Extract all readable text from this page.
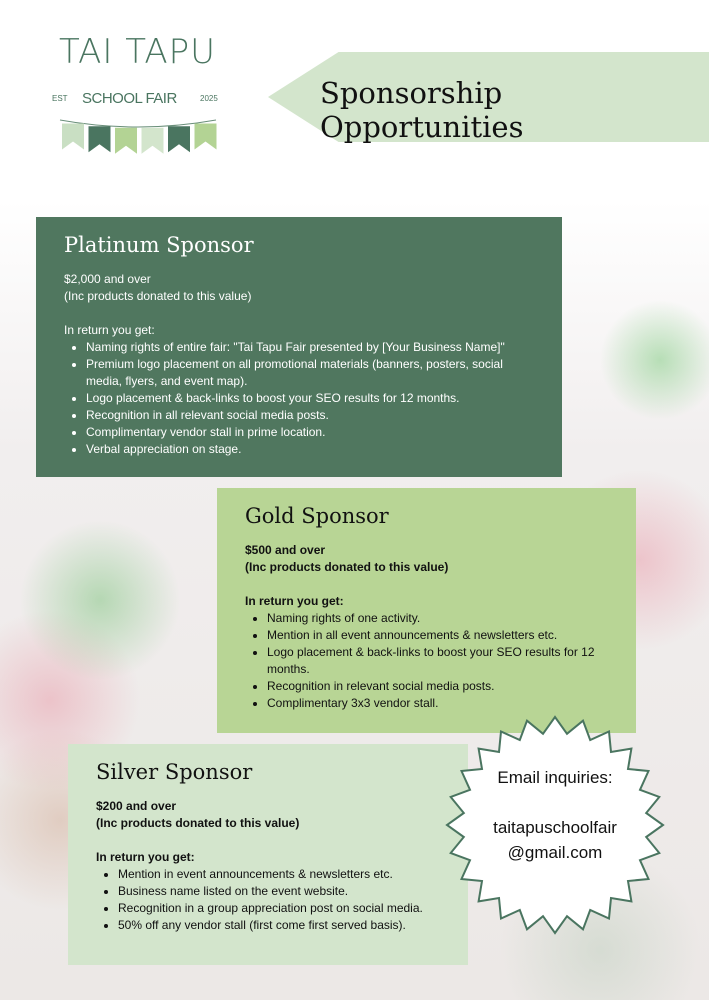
TAI TAPU
EST SCHOOL FAIR	2025	Sponsorship Opportunities
Platinum Sponsor
$2,000 and over
(Inc products donated to this value)
In return you get:
• Naming rights of entire fair: "Tai Tapu Fair presented by [Your Business Name]"
• Premium logo placement on all promotional materials (banners, posters, social media, flyers, and event map).
• Logo placement & back-links to boost your SEO results for 12 months.
• Recognition in all relevant social media posts.
• Complimentary vendor stall in prime location.
• Verbal appreciation on stage.
Gold Sponsor
$500 and over
(Inc products donated to this value)
In return you get:
• Naming rights of one activity.
• Mention in all event announcements & newsletters etc.
• Logo placement & back-links to boost your SEO results for 12 months.
• Recognition in relevant social media posts.
• Complimentary 3x3 vendor stall.
Silver Sponsor
$200 and over
(Inc products donated to this value)
In return you get:
• Mention in event announcements & newsletters etc.
• Business name listed on the event website.
• Recognition in a group appreciation post on social media.
• 50% off any vendor stall (first come first served basis).
Email inquiries:
taitapuschoolfair
@gmail.com
